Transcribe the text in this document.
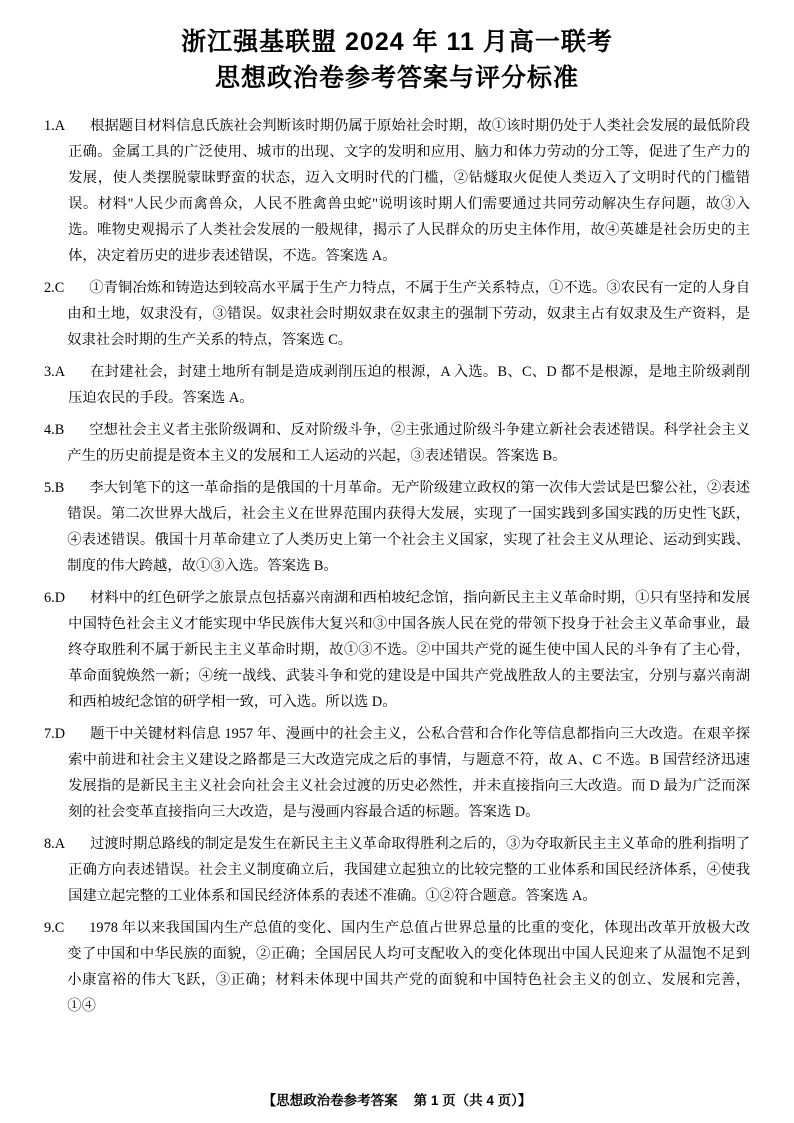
浙江强基联盟 2024 年 11 月高一联考
思想政治卷参考答案与评分标准
1.A	根据题目材料信息氏族社会判断该时期仍属于原始社会时期，故①该时期仍处于人类社会发展的最低阶段正确。金属工具的广泛使用、城市的出现、文字的发明和应用、脑力和体力劳动的分工等，促进了生产力的发展，使人类摆脱蒙昧野蛮的状态，迈入文明时代的门槛，②钻燧取火促使人类迈入了文明时代的门槛错误。材料"人民少而禽兽众，人民不胜禽兽虫蛇"说明该时期人们需要通过共同劳动解决生存问题，故③入选。唯物史观揭示了人类社会发展的一般规律，揭示了人民群众的历史主体作用，故④英雄是社会历史的主体，决定着历史的进步表述错误，不选。答案选 A。
2.C	①青铜冶炼和铸造达到较高水平属于生产力特点，不属于生产关系特点，①不选。③农民有一定的人身自由和土地，奴隶没有，③错误。奴隶社会时期奴隶在奴隶主的强制下劳动，奴隶主占有奴隶及生产资料，是奴隶社会时期的生产关系的特点，答案选 C。
3.A	在封建社会，封建土地所有制是造成剥削压迫的根源，A 入选。B、C、D 都不是根源，是地主阶级剥削压迫农民的手段。答案选 A。
4.B	空想社会主义者主张阶级调和、反对阶级斗争，②主张通过阶级斗争建立新社会表述错误。科学社会主义产生的历史前提是资本主义的发展和工人运动的兴起，③表述错误。答案选 B。
5.B	李大钊笔下的这一革命指的是俄国的十月革命。无产阶级建立政权的第一次伟大尝试是巴黎公社，②表述错误。第二次世界大战后，社会主义在世界范围内获得大发展，实现了一国实践到多国实践的历史性飞跃，④表述错误。俄国十月革命建立了人类历史上第一个社会主义国家，实现了社会主义从理论、运动到实践、制度的伟大跨越，故①③入选。答案选 B。
6.D	材料中的红色研学之旅景点包括嘉兴南湖和西柏坡纪念馆，指向新民主主义革命时期，①只有坚持和发展中国特色社会主义才能实现中华民族伟大复兴和③中国各族人民在党的带领下投身于社会主义革命事业，最终夺取胜利不属于新民主主义革命时期，故①③不选。②中国共产党的诞生使中国人民的斗争有了主心骨，革命面貌焕然一新；④统一战线、武装斗争和党的建设是中国共产党战胜敌人的主要法宝，分别与嘉兴南湖和西柏坡纪念馆的研学相一致，可入选。所以选 D。
7.D	题干中关键材料信息 1957 年、漫画中的社会主义，公私合营和合作化等信息都指向三大改造。在艰辛探索中前进和社会主义建设之路都是三大改造完成之后的事情，与题意不符，故 A、C 不选。B 国营经济迅速发展指的是新民主主义社会向社会主义社会过渡的历史必然性，并未直接指向三大改造。而 D 最为广泛而深刻的社会变革直接指向三大改造，是与漫画内容最合适的标题。答案选 D。
8.A	过渡时期总路线的制定是发生在新民主主义革命取得胜利之后的，③为夺取新民主主义革命的胜利指明了正确方向表述错误。社会主义制度确立后，我国建立起独立的比较完整的工业体系和国民经济体系，④使我国建立起完整的工业体系和国民经济体系的表述不准确。①②符合题意。答案选 A。
9.C	1978 年以来我国国内生产总值的变化、国内生产总值占世界总量的比重的变化，体现出改革开放极大改变了中国和中华民族的面貌，②正确；全国居民人均可支配收入的变化体现出中国人民迎来了从温饱不足到小康富裕的伟大飞跃，③正确；材料未体现中国共产党的面貌和中国特色社会主义的创立、发展和完善，①④
【思想政治卷参考答案 第 1 页（共 4 页）】
